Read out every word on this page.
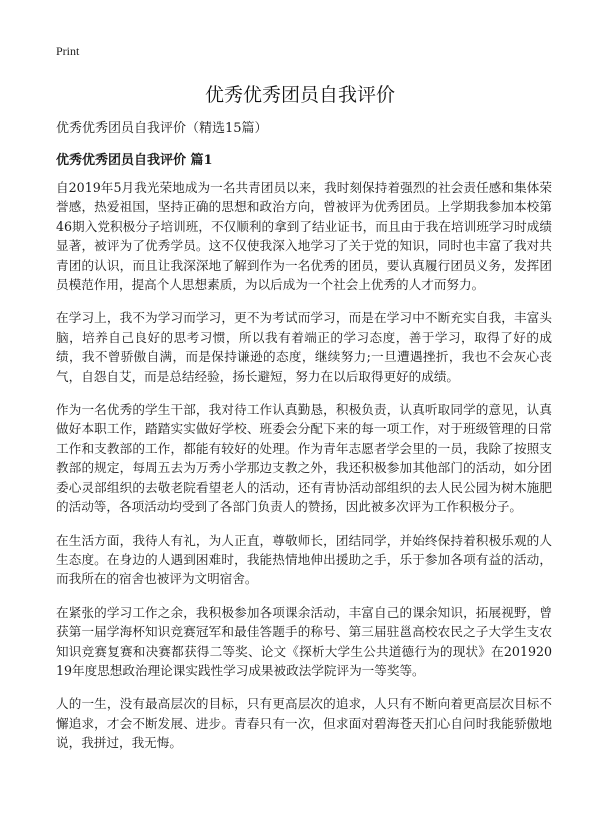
Print
优秀优秀团员自我评价

优秀优秀团员自我评价（精选15篇）

优秀优秀团员自我评价 篇1

自2019年5月我光荣地成为一名共青团员以来，我时刻保持着强烈的社会责任感和集体荣誉感，热爱祖国，坚持正确的思想和政治方向，曾被评为优秀团员。上学期我参加本校第46期入党积极分子培训班，不仅顺利的拿到了结业证书，而且由于我在培训班学习时成绩显著，被评为了优秀学员。这不仅使我深入地学习了关于党的知识，同时也丰富了我对共青团的认识，而且让我深深地了解到作为一名优秀的团员，要认真履行团员义务，发挥团员模范作用，提高个人思想素质，为以后成为一个社会上优秀的人才而努力。

在学习上，我不为学习而学习，更不为考试而学习，而是在学习中不断充实自我，丰富头脑，培养自己良好的思考习惯，所以我有着端正的学习态度，善于学习，取得了好的成绩，我不曾骄傲自满，而是保持谦逊的态度，继续努力;一旦遭遇挫折，我也不会灰心丧气，自怨自艾，而是总结经验，扬长避短，努力在以后取得更好的成绩。

作为一名优秀的学生干部，我对待工作认真勤恳，积极负责，认真听取同学的意见，认真做好本职工作，踏踏实实做好学校、班委会分配下来的每一项工作，对于班级管理的日常工作和支教部的工作，都能有较好的处理。作为青年志愿者学会里的一员，我除了按照支教部的规定，每周五去为万秀小学那边支教之外，我还积极参加其他部门的活动，如分团委心灵部组织的去敬老院看望老人的活动，还有青协活动部组织的去人民公园为树木施肥的活动等，各项活动均受到了各部门负责人的赞扬，因此被多次评为工作积极分子。

在生活方面，我待人有礼，为人正直，尊敬师长，团结同学，并始终保持着积极乐观的人生态度。在身边的人遇到困难时，我能热情地伸出援助之手，乐于参加各项有益的活动，而我所在的宿舍也被评为文明宿舍。

在紧张的学习工作之余，我积极参加各项课余活动，丰富自己的课余知识，拓展视野，曾获第一届学海杯知识竞赛冠军和最佳答题手的称号、第三届驻邕高校农民之子大学生支农知识竞赛复赛和决赛都获得二等奖、论文《探析大学生公共道德行为的现状》在20192019年度思想政治理论课实践性学习成果被政法学院评为一等奖等。

人的一生，没有最高层次的目标，只有更高层次的追求，人只有不断向着更高层次目标不懈追求，才会不断发展、进步。青春只有一次，但求面对碧海苍天扪心自问时我能骄傲地说，我拼过，我无悔。
